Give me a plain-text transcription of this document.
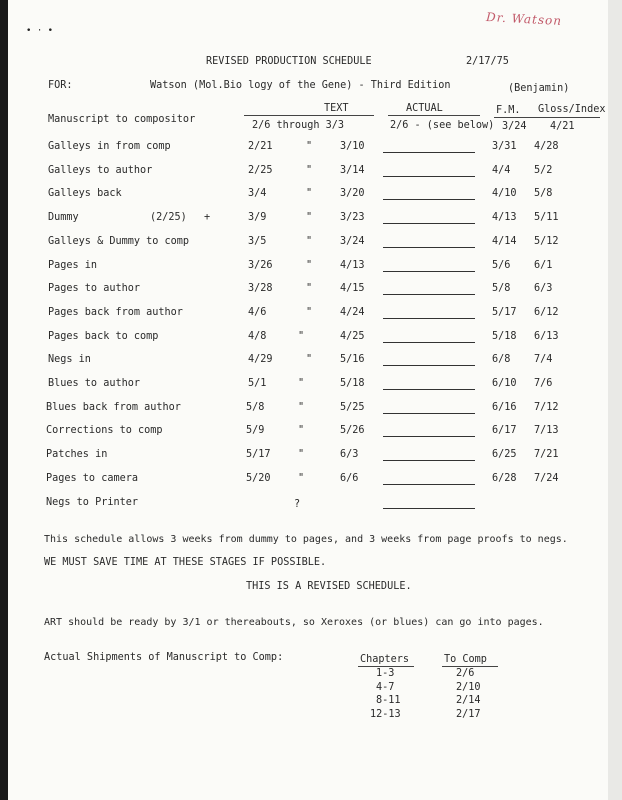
Dr. Watson
• · •
REVISED PRODUCTION SCHEDULE	2/17/75
FOR:	Watson (Mol.Bio logy of the Gene) - Third Edition	(Benjamin)
TEXT	ACTUAL	F.M. Gloss/Index
Manuscript to compositor
2/6 through 3/3	2/6 - (see below) 3/24 4/21
Galleys in from comp	2/21	"	3/10	3/31 4/28
Galleys to author	2/25	"	3/14	4/4 5/2
Galleys back	3/4	"	3/20	4/10 5/8
Dummy	(2/25) +	3/9	"	3/23	4/13 5/11
Galleys & Dummy to comp	3/5	"	3/24	4/14 5/12
Pages in	3/26	"	4/13	5/6 6/1
Pages to author	3/28	"	4/15	5/8 6/3
Pages back from author	4/6	"	4/24	5/17 6/12
Pages back to comp	4/8	"	4/25	5/18 6/13
Negs in	4/29	"	5/16	6/8 7/4
Blues to author	5/1	"	5/18	6/10 7/6
Blues back from author	5/8	"	5/25	6/16 7/12
Corrections to comp	5/9	"	5/26	6/17 7/13
Patches in	5/17	"	6/3	6/25 7/21
Pages to camera	5/20	"	6/6	6/28 7/24
Negs to Printer	?
This schedule allows 3 weeks from dummy to pages, and 3 weeks from page proofs to negs.
WE MUST SAVE TIME AT THESE STAGES IF POSSIBLE.
THIS IS A REVISED SCHEDULE.
ART should be ready by 3/1 or thereabouts, so Xeroxes (or blues) can go into pages.
Actual Shipments of Manuscript to Comp:	Chapters	To Comp
1-3	2/6
4-7	2/10
8-11	2/14
12-13	2/17
